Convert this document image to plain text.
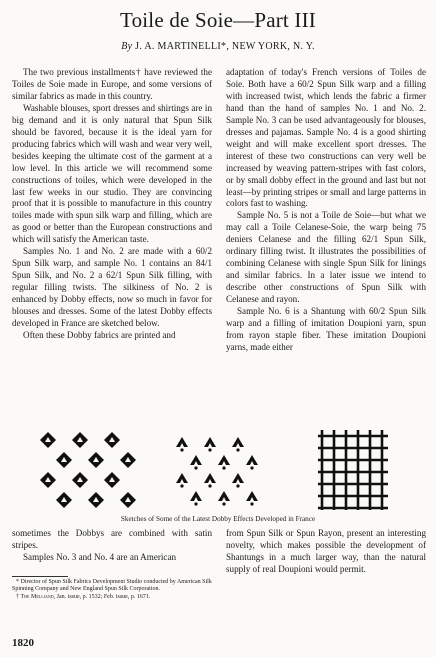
Toile de Soie—Part III
By J. A. MARTINELLI*, NEW YORK, N. Y.

The two previous installments† have reviewed the Toiles de Soie made in Europe, and some versions of similar fabrics as made in this country.

Washable blouses, sport dresses and shirtings are in big demand and it is only natural that Spun Silk should be favored, because it is the ideal yarn for producing fabrics which will wash and wear very well, besides keeping the ultimate cost of the garment at a low level. In this article we will recommend some constructions of toiles, which were developed in the last few weeks in our studio. They are convincing proof that it is possible to manufacture in this country toiles made with spun silk warp and filling, which are as good or better than the European constructions and which will satisfy the American taste.

Samples No. 1 and No. 2 are made with a 60/2 Spun Silk warp, and sample No. 1 contains an 84/1 Spun Silk, and No. 2 a 62/1 Spun Silk filling, with regular filling twists. The silkiness of No. 2 is enhanced by Dobby effects, now so much in favor for blouses and dresses. Some of the latest Dobby effects developed in France are sketched below.

Often these Dobby fabrics are printed and

adaptation of today's French versions of Toiles de Soie. Both have a 60/2 Spun Silk warp and a filling with increased twist, which lends the fabric a firmer hand than the hand of samples No. 1 and No. 2. Sample No. 3 can be used advantageously for blouses, dresses and pajamas. Sample No. 4 is a good shirting weight and will make excellent sport dresses. The interest of these two constructions can very well be increased by weaving pattern-stripes with fast colors, or by small dobby effect in the ground and last but not least—by printing stripes or small and large patterns in colors fast to washing.

Sample No. 5 is not a Toile de Soie—but what we may call a Toile Celanese-Soie, the warp being 75 deniers Celanese and the filling 62/1 Spun Silk, ordinary filling twist. It illustrates the possibilities of combining Celanese with single Spun Silk for linings and similar fabrics. In a later issue we intend to describe other constructions of Spun Silk with Celanese and rayon.

Sample No. 6 is a Shantung with 60/2 Spun Silk warp and a filling of imitation Doupioni yarn, spun from rayon staple fiber. These imitation Doupioni yarns, made either

Sketches of Some of the Latest Dobby Effects Developed in France

sometimes the Dobbys are combined with satin stripes.

Samples No. 3 and No. 4 are an American

from Spun Silk or Spun Rayon, present an interesting novelty, which makes possible the development of Shantungs in a much larger way, than the natural supply of real Doupioni would permit.

* Director of Spun Silk Fabrics Development Studio conducted by American Silk Spinning Company and New England Spun Silk Corporation.

† The Melliand, Jan. issue, p. 1532; Feb. issue, p. 1671.

1820
